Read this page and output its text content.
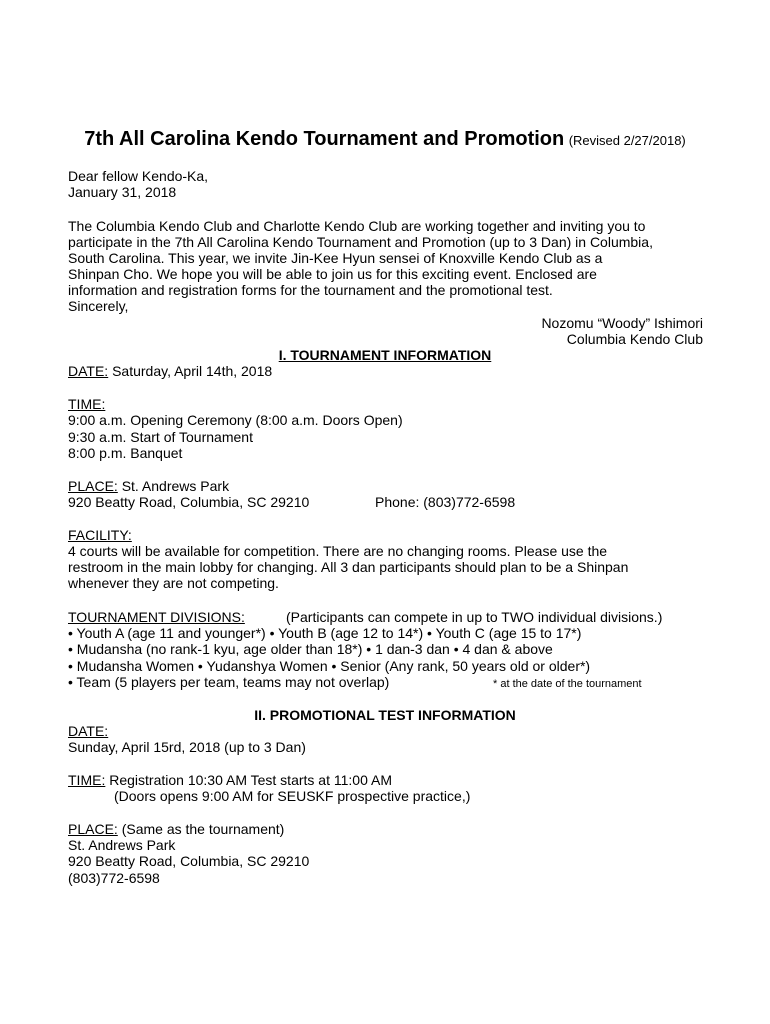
7th All Carolina Kendo Tournament and Promotion (Revised 2/27/2018)
Dear fellow Kendo-Ka,
January 31, 2018
The Columbia Kendo Club and Charlotte Kendo Club are working together and inviting you to
participate in the 7th All Carolina Kendo Tournament and Promotion (up to 3 Dan) in Columbia,
South Carolina. This year, we invite Jin-Kee Hyun sensei of Knoxville Kendo Club as a
Shinpan Cho. We hope you will be able to join us for this exciting event. Enclosed are
information and registration forms for the tournament and the promotional test.
Sincerely,
Nozomu “Woody” Ishimori
Columbia Kendo Club
I. TOURNAMENT INFORMATION
DATE: Saturday, April 14th, 2018
TIME:
9:00 a.m. Opening Ceremony (8:00 a.m. Doors Open)
9:30 a.m. Start of Tournament
8:00 p.m. Banquet
PLACE: St. Andrews Park
920 Beatty Road, Columbia, SC 29210	Phone: (803)772-6598
FACILITY:
4 courts will be available for competition. There are no changing rooms. Please use the
restroom in the main lobby for changing. All 3 dan participants should plan to be a Shinpan
whenever they are not competing.
TOURNAMENT DIVISIONS:	(Participants can compete in up to TWO individual divisions.)
• Youth A (age 11 and younger*) • Youth B (age 12 to 14*) • Youth C (age 15 to 17*)
• Mudansha (no rank-1 kyu, age older than 18*) • 1 dan-3 dan • 4 dan & above
• Mudansha Women • Yudanshya Women • Senior (Any rank, 50 years old or older*)
• Team (5 players per team, teams may not overlap)	* at the date of the tournament
II. PROMOTIONAL TEST INFORMATION
DATE:
Sunday, April 15rd, 2018 (up to 3 Dan)
TIME: Registration 10:30 AM Test starts at 11:00 AM
(Doors opens 9:00 AM for SEUSKF prospective practice,)
PLACE: (Same as the tournament)
St. Andrews Park
920 Beatty Road, Columbia, SC 29210
(803)772-6598
